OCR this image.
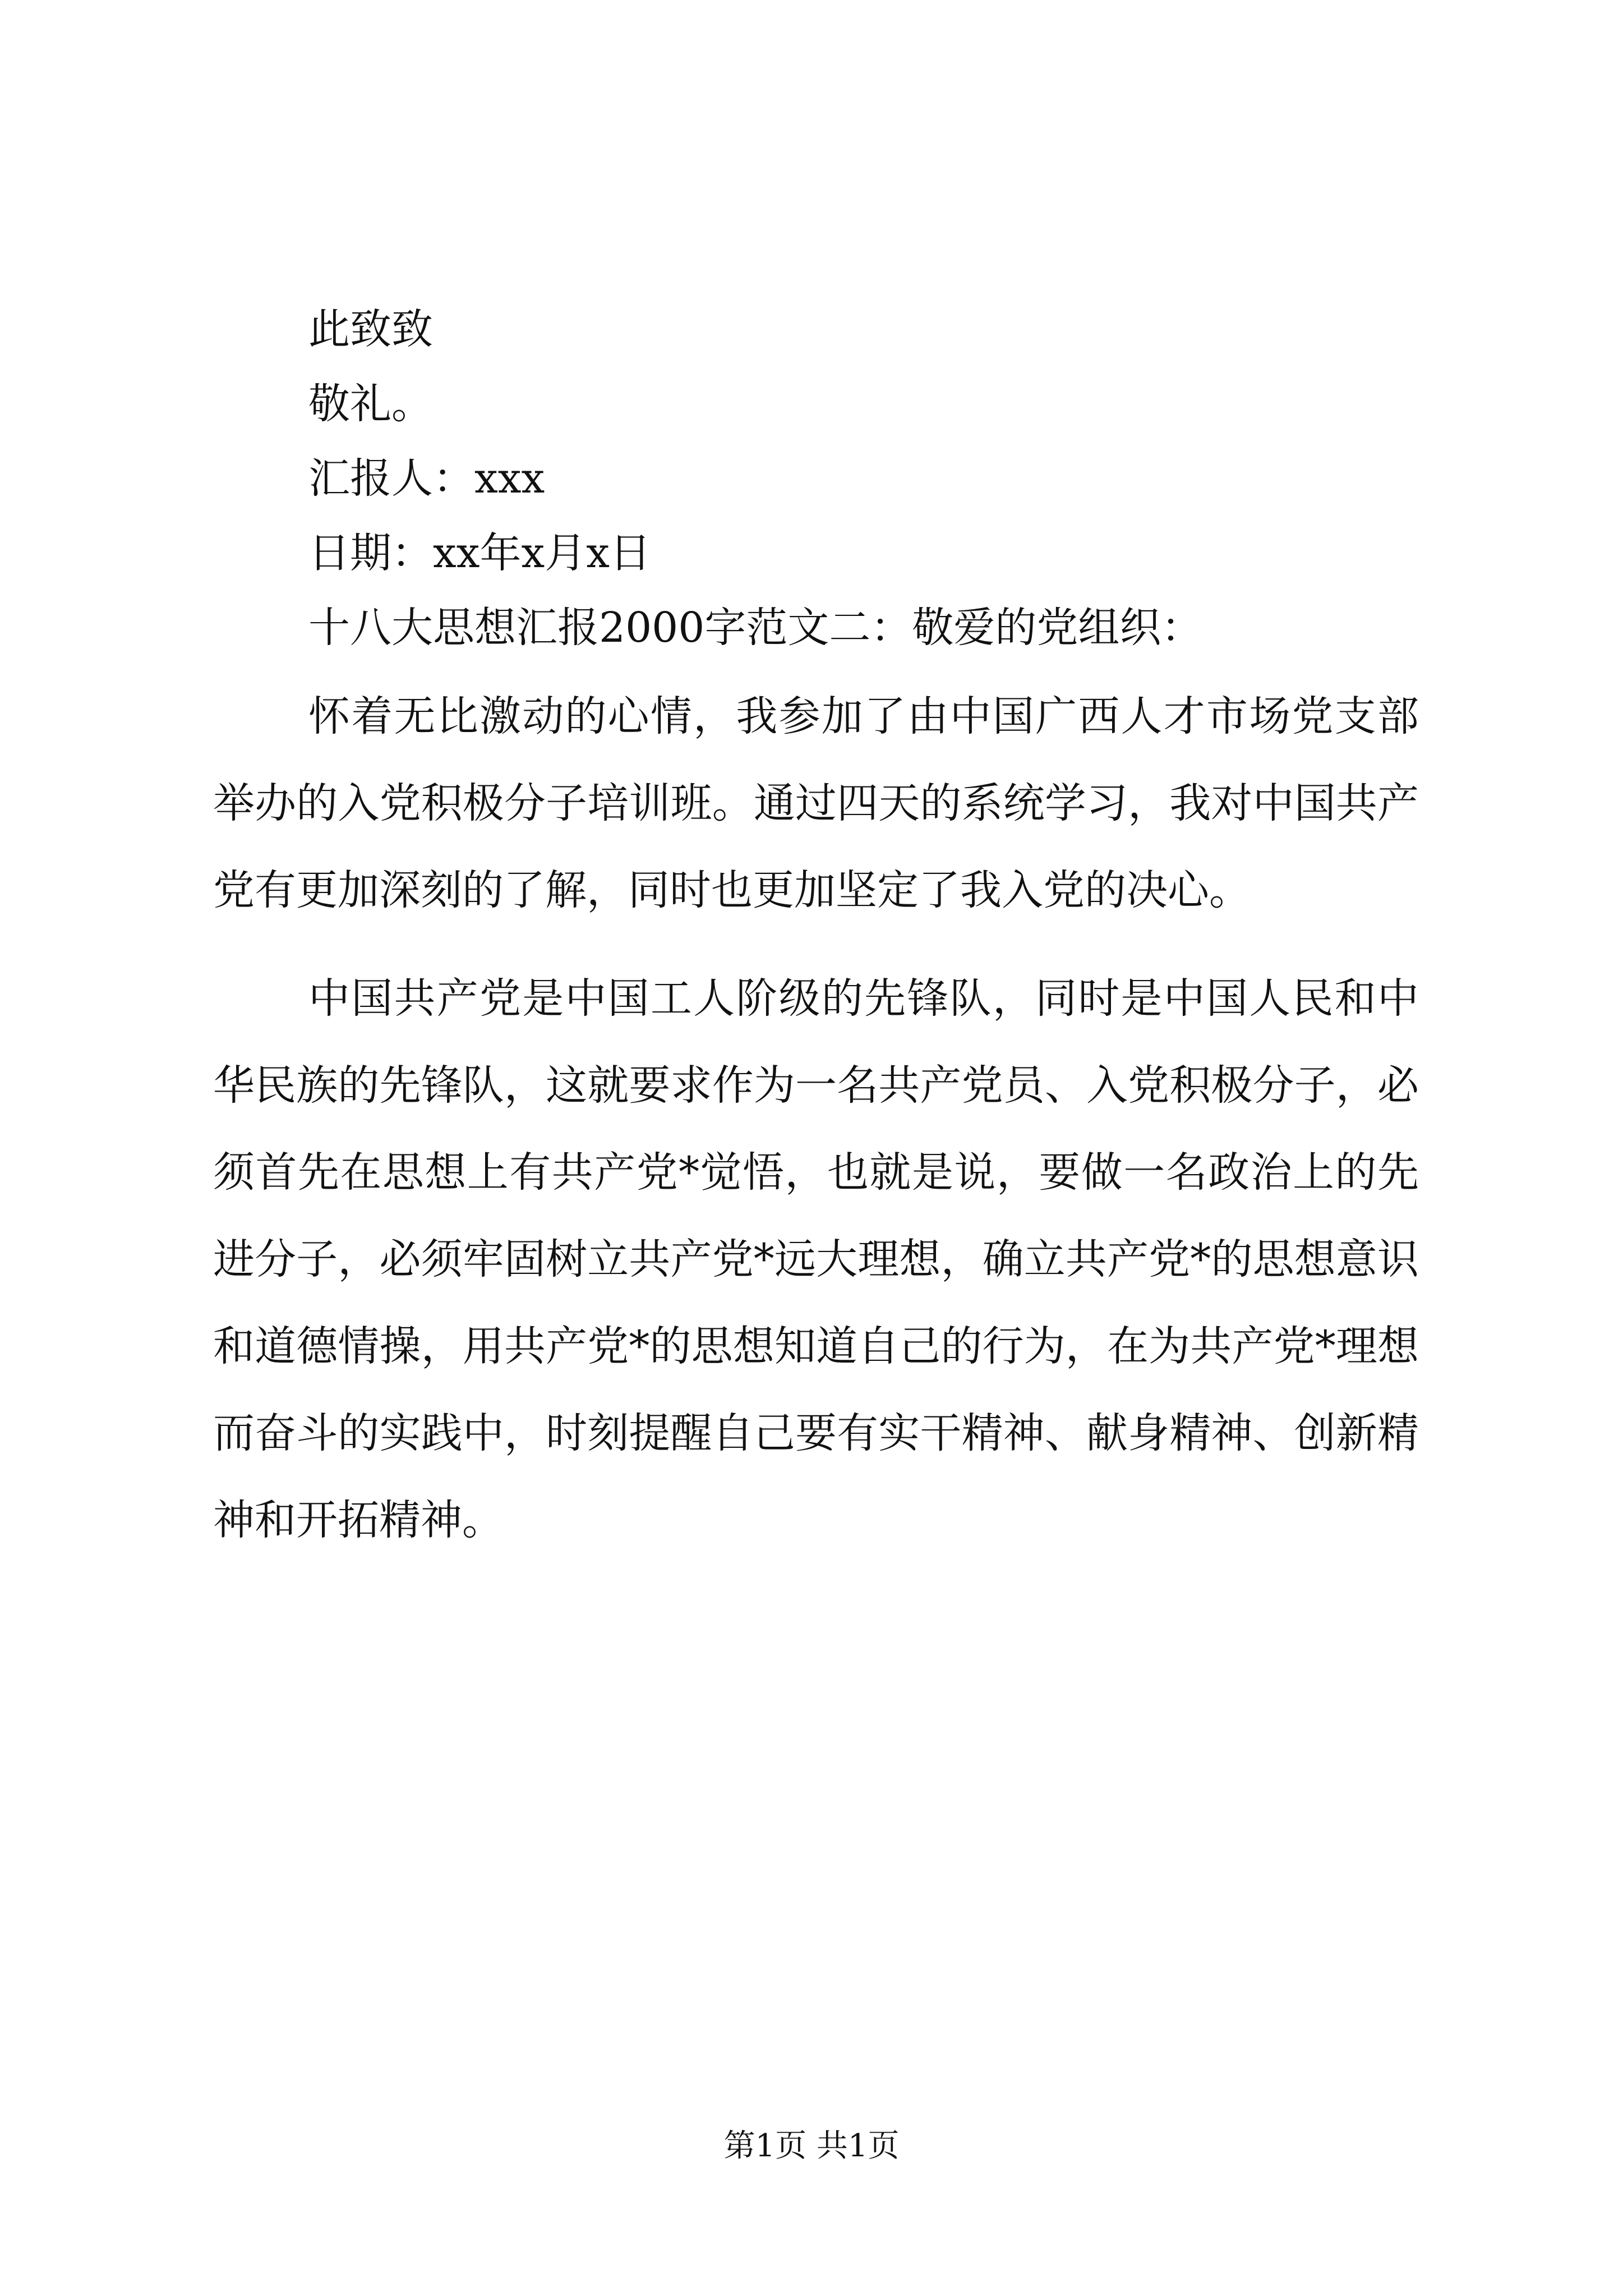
此致致

敬礼。

汇报人：xxx

日期：xx年x月x日

十八大思想汇报2000字范文二：敬爱的党组织：

怀着无比激动的心情，我参加了由中国广西人才市场党支部举办的入党积极分子培训班。通过四天的系统学习，我对中国共产党有更加深刻的了解，同时也更加坚定了我入党的决心。

中国共产党是中国工人阶级的先锋队，同时是中国人民和中华民族的先锋队，这就要求作为一名共产党员、入党积极分子，必须首先在思想上有共产党*觉悟，也就是说，要做一名政治上的先进分子，必须牢固树立共产党*远大理想，确立共产党*的思想意识和道德情操，用共产党*的思想知道自己的行为，在为共产党*理想而奋斗的实践中，时刻提醒自己要有实干精神、献身精神、创新精神和开拓精神。

第1页 共1页
